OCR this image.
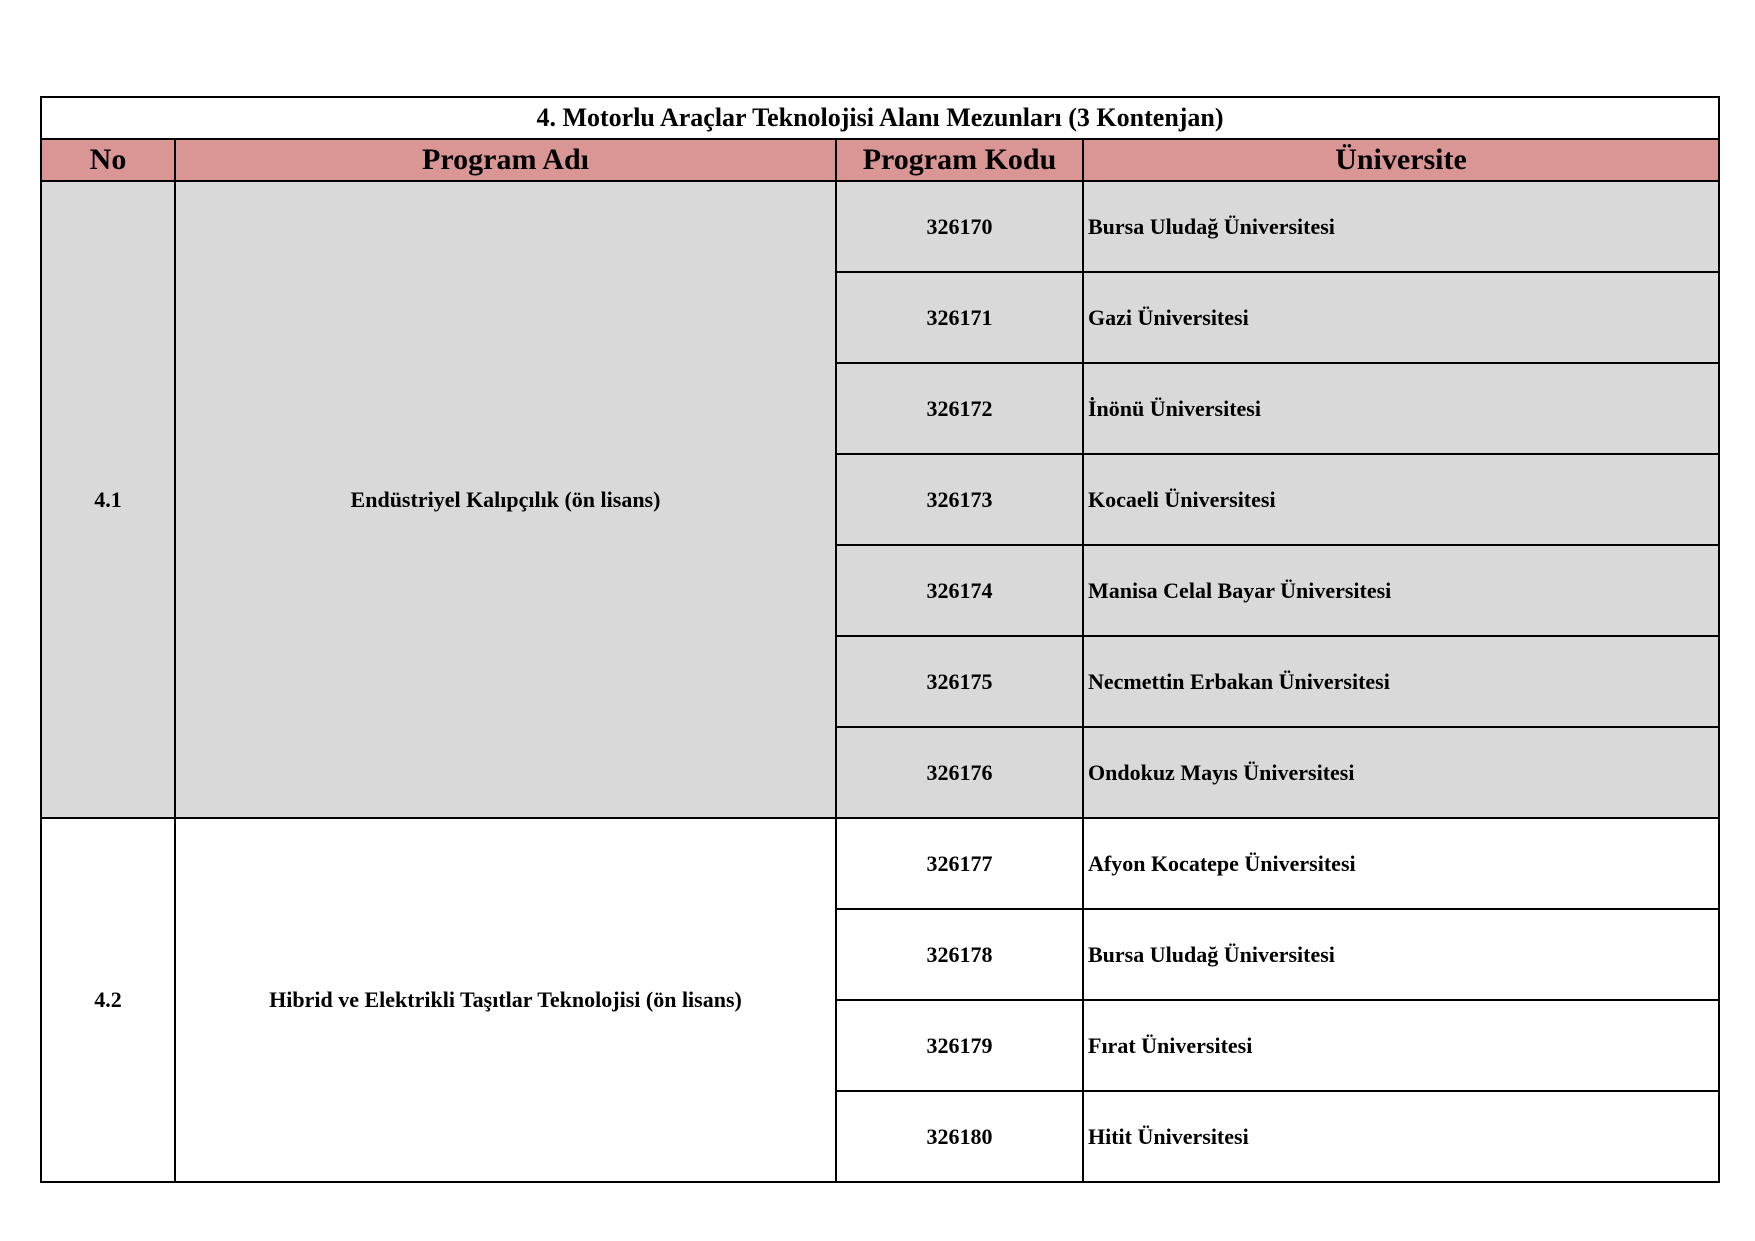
4. Motorlu Araçlar Teknolojisi Alanı Mezunları (3 Kontenjan)			
No	Program Adı	Program Kodu	Üniversite
4.1	Endüstriyel Kalıpçılık (ön lisans)	326170	Bursa Uludağ Üniversitesi
		326171	Gazi Üniversitesi
		326172	İnönü Üniversitesi
		326173	Kocaeli Üniversitesi
		326174	Manisa Celal Bayar Üniversitesi
		326175	Necmettin Erbakan Üniversitesi
		326176	Ondokuz Mayıs Üniversitesi
4.2	Hibrid ve Elektrikli Taşıtlar Teknolojisi (ön lisans)	326177	Afyon Kocatepe Üniversitesi
		326178	Bursa Uludağ Üniversitesi
		326179	Fırat Üniversitesi
		326180	Hitit Üniversitesi
